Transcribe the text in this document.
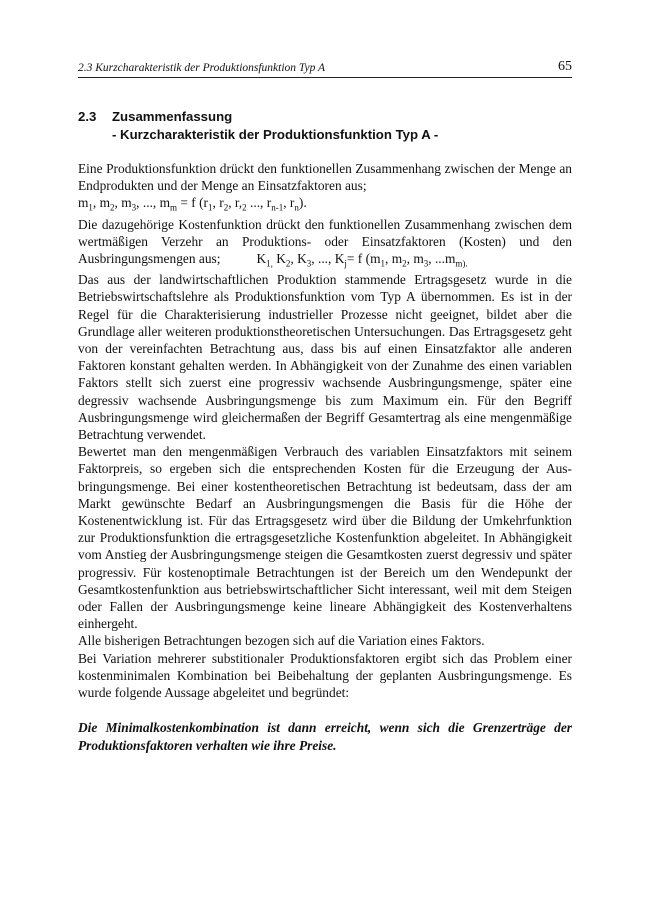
2.3 Kurzcharakteristik der Produktionsfunktion Typ A	65
2.3 Zusammenfassung
- Kurzcharakteristik der Produktionsfunktion Typ A -

Eine Produktionsfunktion drückt den funktionellen Zusammenhang zwischen der Menge an Endprodukten und der Menge an Einsatzfaktoren aus;

$m_1$, $m_2$, $m_3$, ..., $m_m = f$ ($r_1$, $r_2$, $r,_2$ ..., $r_{n-1}$, $r_n$).

Die dazugehörige Kostenfunktion drückt den funktionellen Zusammenhang zwischen dem wertmäßigen Verzehr an Produktions- oder Einsatzfaktoren (Kosten) und den Ausbringungsmengen aus;	$K_{1,}$ $K_2$, $K_3$, ..., $K_j= f$ ($m_1$, $m_2$, $m_3$, $...m_{m).}$

Das aus der landwirtschaftlichen Produktion stammende Ertragsgesetz wurde in die Betriebswirtschaftslehre als Produktionsfunktion vom Typ A übernommen. Es ist in der Regel für die Charakterisierung industrieller Prozesse nicht geeignet, bildet aber die Grundlage aller weiteren produktionstheoretischen Untersuchungen. Das Ertragsgesetz geht von der vereinfachten Betrachtung aus, dass bis auf einen Einsatzfaktor alle anderen Faktoren konstant gehalten werden. In Abhängigkeit von der Zunahme des einen variablen Faktors stellt sich zuerst eine progressiv wachsende Ausbringungsmenge, später eine degressiv wachsende Ausbringungsmenge bis zum Maximum ein. Für den Begriff Ausbringungsmenge wird gleichermaßen der Begriff Gesamtertrag als eine mengenmäßige Betrachtung verwendet.

Bewertet man den mengenmäßigen Verbrauch des variablen Einsatzfaktors mit seinem Faktorpreis, so ergeben sich die entsprechenden Kosten für die Erzeugung der Ausbringungsmenge. Bei einer kostentheoretischen Betrachtung ist bedeutsam, dass der am Markt gewünschte Bedarf an Ausbringungsmengen die Basis für die Höhe der Kostenentwicklung ist. Für das Ertragsgesetz wird über die Bildung der Umkehrfunktion zur Produktionsfunktion die ertragsgesetzliche Kostenfunktion abgeleitet. In Abhängigkeit vom Anstieg der Ausbringungsmenge steigen die Gesamtkosten zuerst degressiv und später progressiv. Für kostenoptimale Betrachtungen ist der Bereich um den Wendepunkt der Gesamtkostenfunktion aus betriebswirtschaftlicher Sicht interessant, weil mit dem Steigen oder Fallen der Ausbringungsmenge keine lineare Abhängigkeit des Kostenverhaltens einhergeht.

Alle bisherigen Betrachtungen bezogen sich auf die Variation eines Faktors.

Bei Variation mehrerer substitionaler Produktionsfaktoren ergibt sich das Problem einer kostenminimalen Kombination bei Beibehaltung der geplanten Ausbringungsmenge. Es wurde folgende Aussage abgeleitet und begründet:

Die Minimalkostenkombination ist dann erreicht, wenn sich die Grenzerträge der Produktionsfaktoren verhalten wie ihre Preise.
